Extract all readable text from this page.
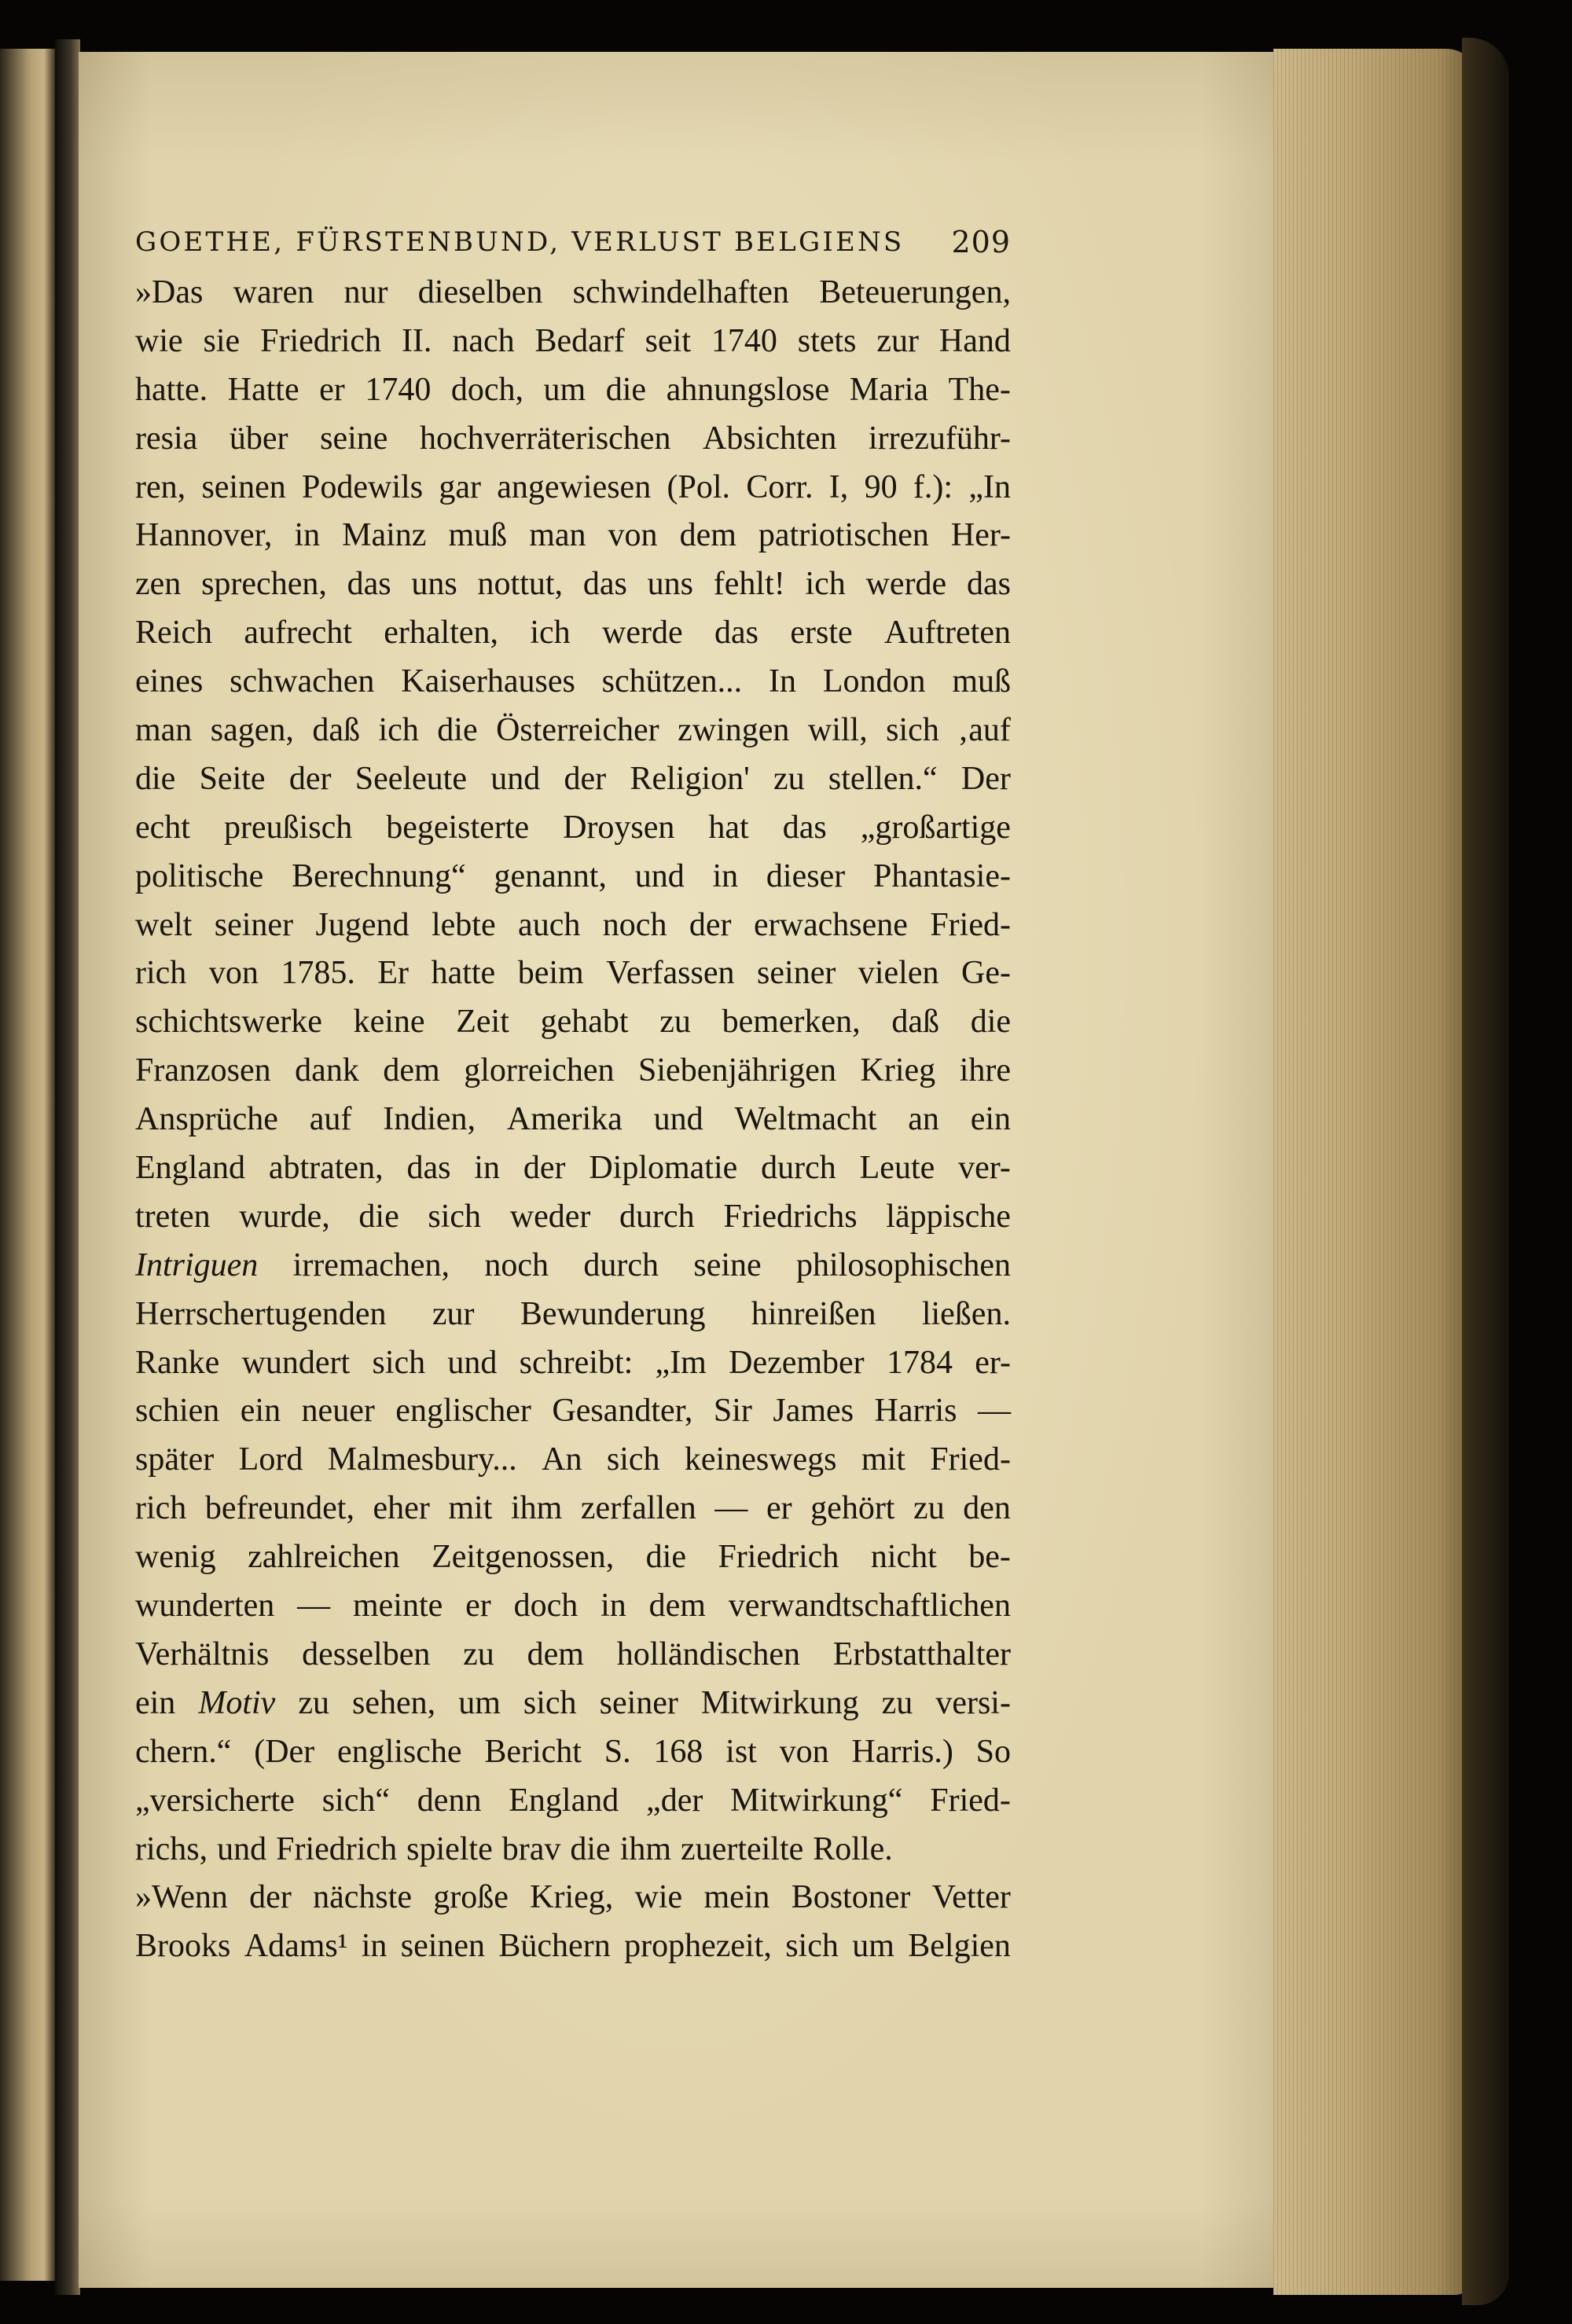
GOETHE, FÜRSTENBUND, VERLUST BELGIENS 209
»Das waren nur dieselben schwindelhaften Beteuerungen,
wie sie Friedrich II. nach Bedarf seit 1740 stets zur Hand
hatte. Hatte er 1740 doch, um die ahnungslose Maria The-
resia über seine hochverräterischen Absichten irrezuführ-
ren, seinen Podewils gar angewiesen (Pol. Corr. I, 90 f.): „In
Hannover, in Mainz muß man von dem patriotischen Her-
zen sprechen, das uns nottut, das uns fehlt! ich werde das
Reich aufrecht erhalten, ich werde das erste Auftreten
eines schwachen Kaiserhauses schützen... In London muß
man sagen, daß ich die Österreicher zwingen will, sich ‚auf
die Seite der Seeleute und der Religion' zu stellen.“ Der
echt preußisch begeisterte Droysen hat das „großartige
politische Berechnung“ genannt, und in dieser Phantasie-
welt seiner Jugend lebte auch noch der erwachsene Fried-
rich von 1785. Er hatte beim Verfassen seiner vielen Ge-
schichtswerke keine Zeit gehabt zu bemerken, daß die
Franzosen dank dem glorreichen Siebenjährigen Krieg ihre
Ansprüche auf Indien, Amerika und Weltmacht an ein
England abtraten, das in der Diplomatie durch Leute ver-
treten wurde, die sich weder durch Friedrichs läppische
Intriguen irremachen, noch durch seine philosophischen
Herrschertugenden zur Bewunderung hinreißen ließen.
Ranke wundert sich und schreibt: „Im Dezember 1784 er-
schien ein neuer englischer Gesandter, Sir James Harris —
später Lord Malmesbury... An sich keineswegs mit Fried-
rich befreundet, eher mit ihm zerfallen — er gehört zu den
wenig zahlreichen Zeitgenossen, die Friedrich nicht be-
wunderten — meinte er doch in dem verwandtschaftlichen
Verhältnis desselben zu dem holländischen Erbstatthalter
ein Motiv zu sehen, um sich seiner Mitwirkung zu versi-
chern.“ (Der englische Bericht S. 168 ist von Harris.) So
„versicherte sich“ denn England „der Mitwirkung“ Fried-
richs, und Friedrich spielte brav die ihm zuerteilte Rolle.
»Wenn der nächste große Krieg, wie mein Bostoner Vetter
Brooks Adams¹ in seinen Büchern prophezeit, sich um Belgien
